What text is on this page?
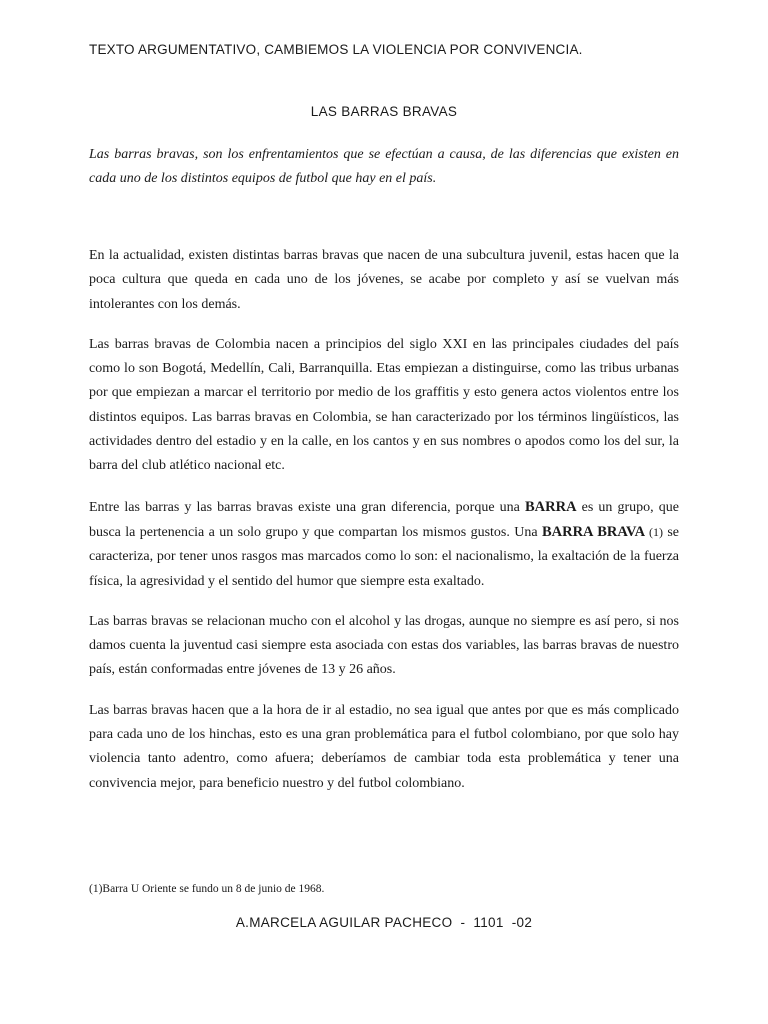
TEXTO ARGUMENTATIVO, CAMBIEMOS LA VIOLENCIA POR CONVIVENCIA.
LAS BARRAS BRAVAS
Las barras bravas, son los enfrentamientos que se efectúan a causa, de las diferencias que existen en cada uno de los distintos equipos de futbol que hay en el país.

En la actualidad, existen distintas barras bravas que nacen de una subcultura juvenil, estas hacen que la poca cultura que queda en cada uno de los jóvenes, se acabe por completo y así se vuelvan más intolerantes con los demás.

Las barras bravas de Colombia nacen a principios del siglo XXI en las principales ciudades del país como lo son Bogotá, Medellín, Cali, Barranquilla. Etas empiezan a distinguirse, como las tribus urbanas por que empiezan a marcar el territorio por medio de los graffitis y esto genera actos violentos entre los distintos equipos. Las barras bravas en Colombia, se han caracterizado por los términos lingüísticos, las actividades dentro del estadio y en la calle, en los cantos y en sus nombres o apodos como los del sur, la barra del club atlético nacional etc.

Entre las barras y las barras bravas existe una gran diferencia, porque una BARRA es un grupo, que busca la pertenencia a un solo grupo y que compartan los mismos gustos. Una BARRA BRAVA (1) se caracteriza, por tener unos rasgos mas marcados como lo son: el nacionalismo, la exaltación de la fuerza física, la agresividad y el sentido del humor que siempre esta exaltado.

Las barras bravas se relacionan mucho con el alcohol y las drogas, aunque no siempre es así pero, si nos damos cuenta la juventud casi siempre esta asociada con estas dos variables, las barras bravas de nuestro país, están conformadas entre jóvenes de 13 y 26 años.

Las barras bravas hacen que a la hora de ir al estadio, no sea igual que antes por que es más complicado para cada uno de los hinchas, esto es una gran problemática para el futbol colombiano, por que solo hay violencia tanto adentro, como afuera; deberíamos de cambiar toda esta problemática y tener una convivencia mejor, para beneficio nuestro y del futbol colombiano.

(1)Barra U Oriente se fundo un 8 de junio de 1968.
A.MARCELA AGUILAR PACHECO  -  1101  -02
